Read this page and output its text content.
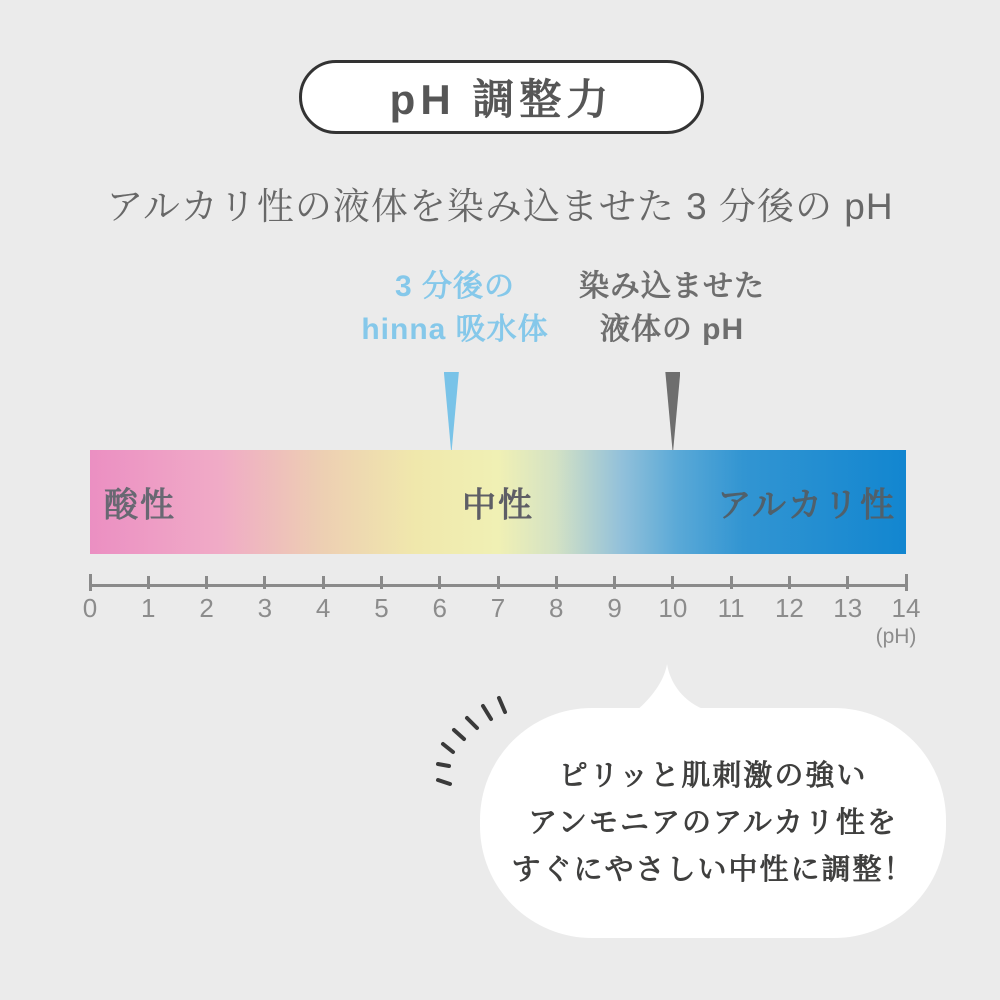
pH 調整力
アルカリ性の液体を染み込ませた 3 分後の pH
3 分後の
hinna 吸水体
染み込ませた
液体の pH
酸性	中性	アルカリ性
(pH)
0 1 2 3 4 5 6 7 8 9 10 11 12 13 14

ピリッと肌刺激の強い

アンモニアのアルカリ性を

すぐにやさしい中性に調整！
